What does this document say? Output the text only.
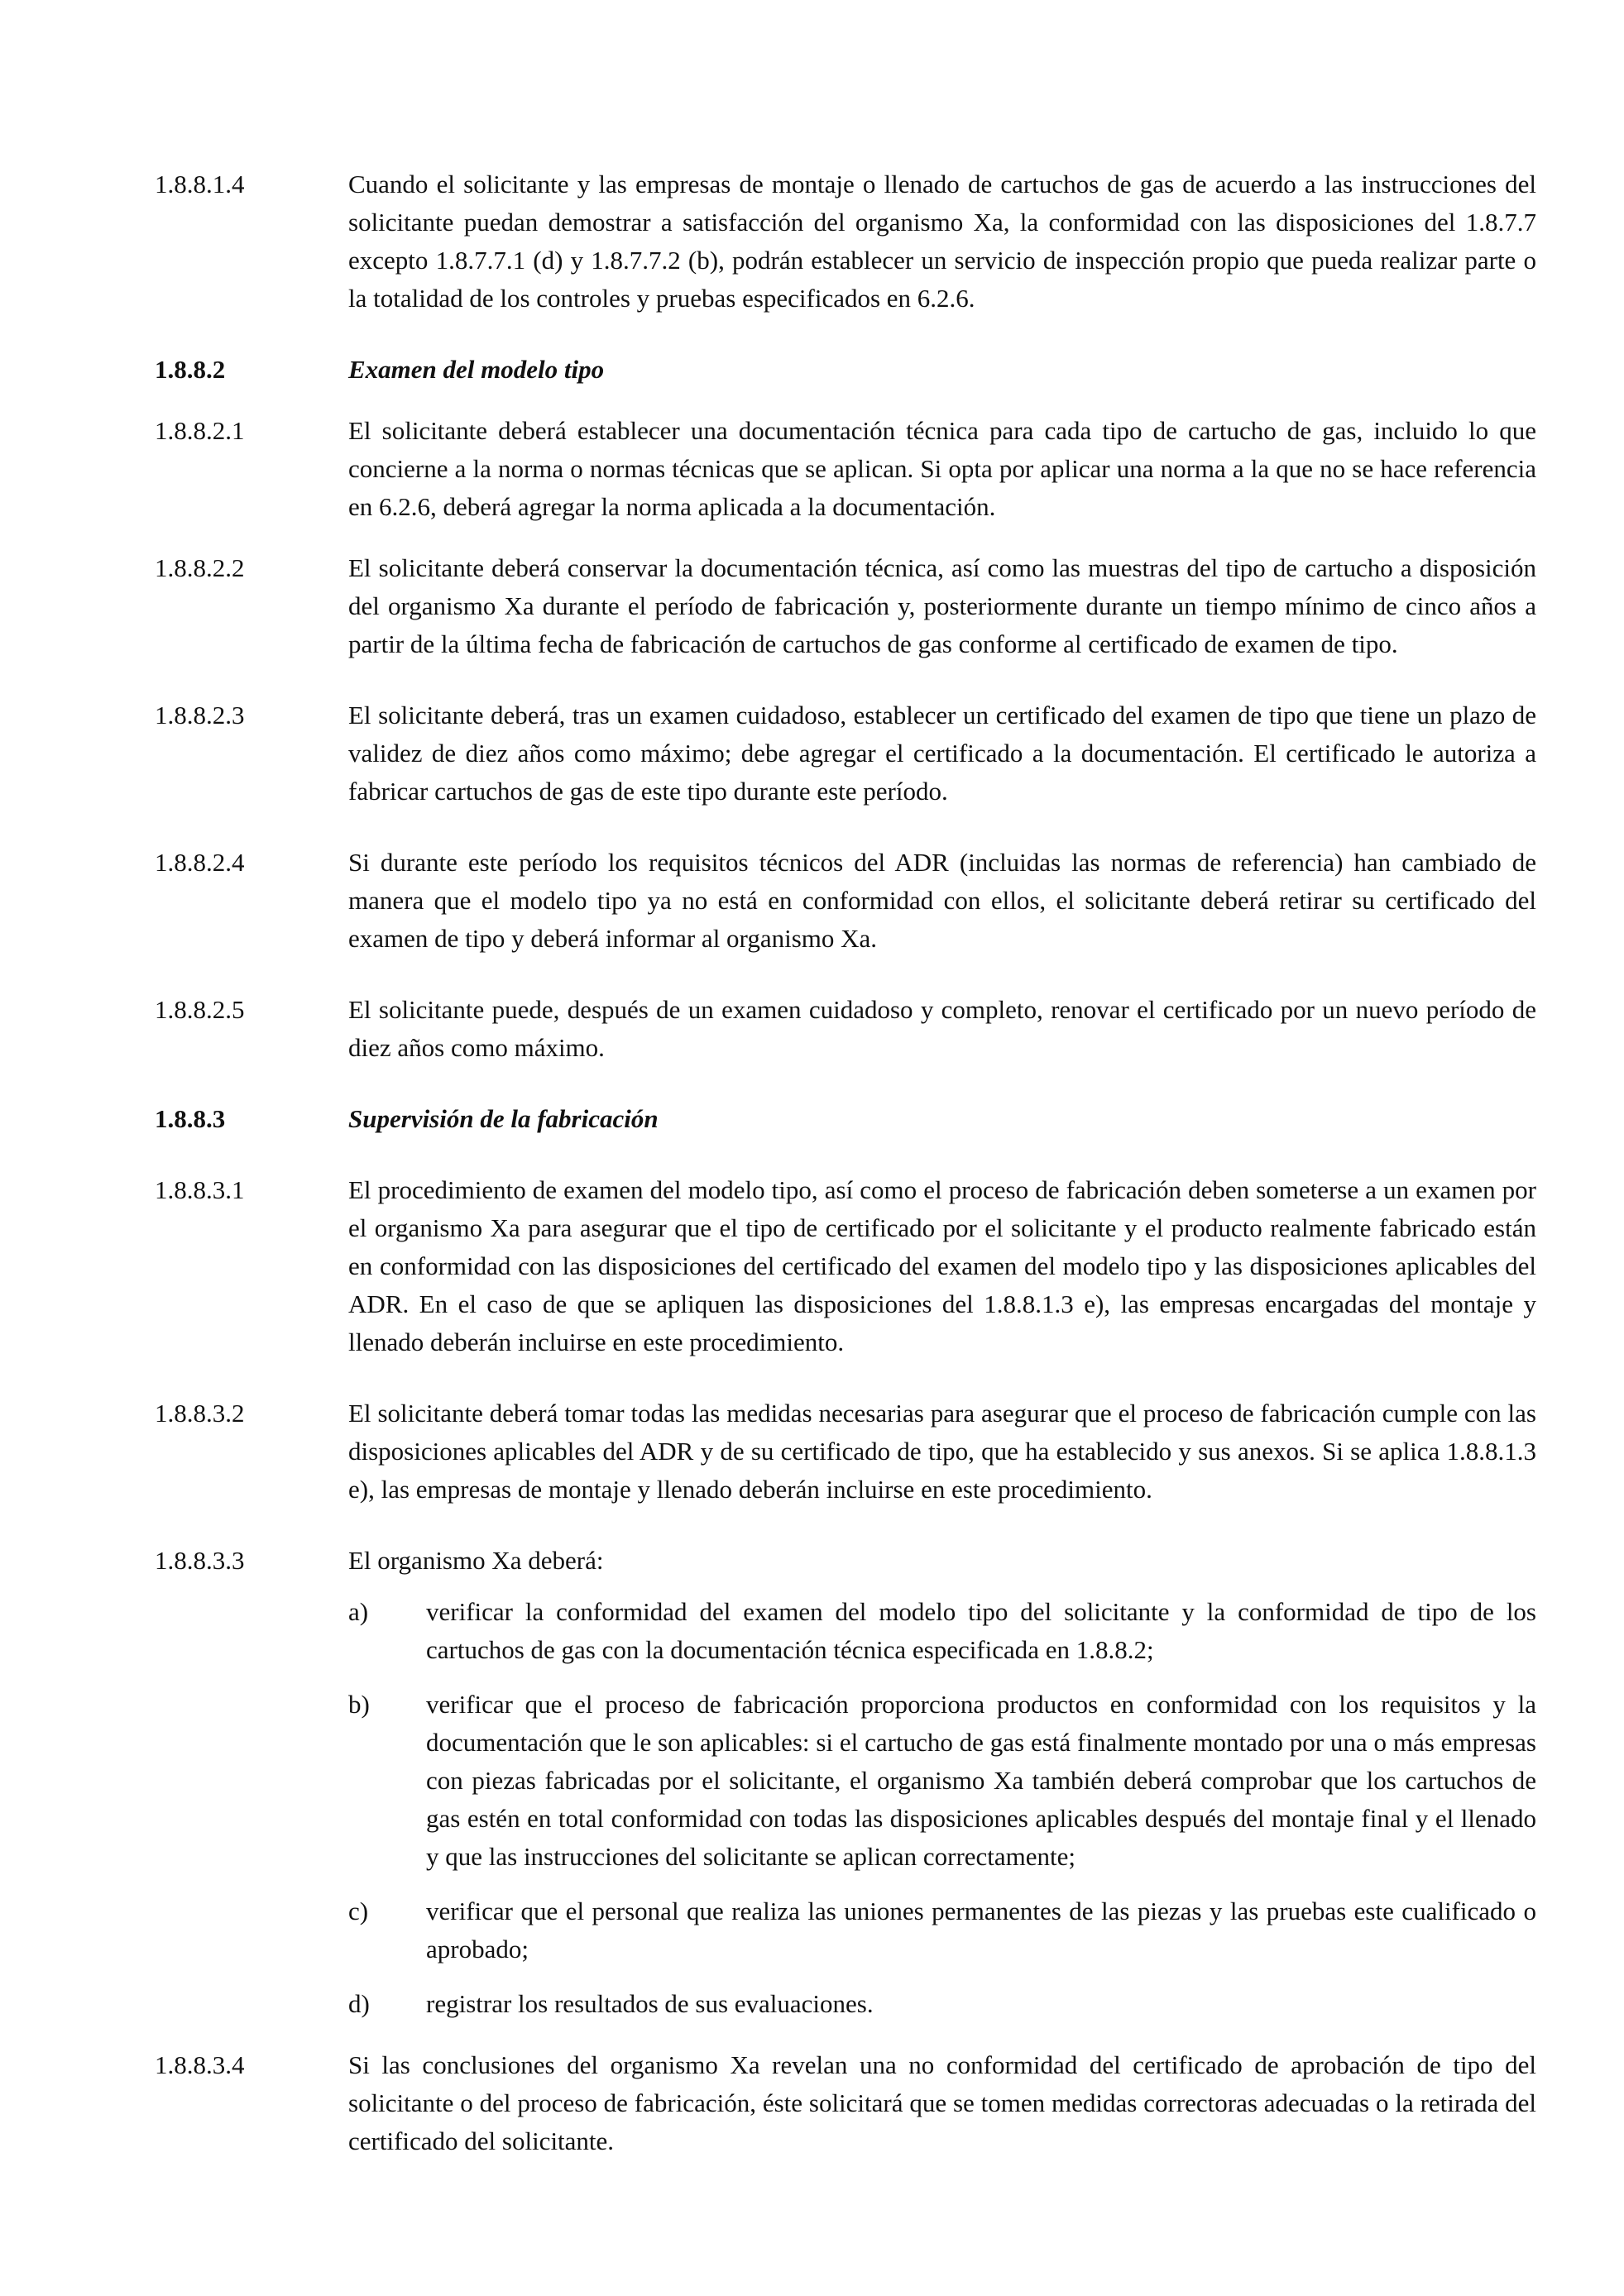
1.8.8.1.4	Cuando el solicitante y las empresas de montaje o llenado de cartuchos de gas de acuerdo a las instrucciones del solicitante puedan demostrar a satisfacción del organismo Xa, la conformidad con las disposiciones del 1.8.7.7 excepto 1.8.7.7.1 (d) y 1.8.7.7.2 (b), podrán establecer un servicio de inspección propio que pueda realizar parte o la totalidad de los controles y pruebas especificados en 6.2.6.
1.8.8.2	Examen del modelo tipo
1.8.8.2.1	El solicitante deberá establecer una documentación técnica para cada tipo de cartucho de gas, incluido lo que concierne a la norma o normas técnicas que se aplican. Si opta por aplicar una norma a la que no se hace referencia en 6.2.6, deberá agregar la norma aplicada a la documentación.
1.8.8.2.2	El solicitante deberá conservar la documentación técnica, así como las muestras del tipo de cartucho a disposición del organismo Xa durante el período de fabricación y, posteriormente durante un tiempo mínimo de cinco años a partir de la última fecha de fabricación de cartuchos de gas conforme al certificado de examen de tipo.
1.8.8.2.3	El solicitante deberá, tras un examen cuidadoso, establecer un certificado del examen de tipo que tiene un plazo de validez de diez años como máximo; debe agregar el certificado a la documentación. El certificado le autoriza a fabricar cartuchos de gas de este tipo durante este período.
1.8.8.2.4	Si durante este período los requisitos técnicos del ADR (incluidas las normas de referencia) han cambiado de manera que el modelo tipo ya no está en conformidad con ellos, el solicitante deberá retirar su certificado del examen de tipo y deberá informar al organismo Xa.
1.8.8.2.5	El solicitante puede, después de un examen cuidadoso y completo, renovar el certificado por un nuevo período de diez años como máximo.
1.8.8.3	Supervisión de la fabricación
1.8.8.3.1	El procedimiento de examen del modelo tipo, así como el proceso de fabricación deben someterse a un examen por el organismo Xa para asegurar que el tipo de certificado por el solicitante y el producto realmente fabricado están en conformidad con las disposiciones del certificado del examen del modelo tipo y las disposiciones aplicables del ADR. En el caso de que se apliquen las disposiciones del 1.8.8.1.3 e), las empresas encargadas del montaje y llenado deberán incluirse en este procedimiento.
1.8.8.3.2	El solicitante deberá tomar todas las medidas necesarias para asegurar que el proceso de fabricación cumple con las disposiciones aplicables del ADR y de su certificado de tipo, que ha establecido y sus anexos. Si se aplica 1.8.8.1.3 e), las empresas de montaje y llenado deberán incluirse en este procedimiento.
1.8.8.3.3	El organismo Xa deberá:
a)	verificar la conformidad del examen del modelo tipo del solicitante y la conformidad de tipo de los cartuchos de gas con la documentación técnica especificada en 1.8.8.2;
b)	verificar que el proceso de fabricación proporciona productos en conformidad con los requisitos y la documentación que le son aplicables: si el cartucho de gas está finalmente montado por una o más empresas con piezas fabricadas por el solicitante, el organismo Xa también deberá comprobar que los cartuchos de gas estén en total conformidad con todas las disposiciones aplicables después del montaje final y el llenado y que las instrucciones del solicitante se aplican correctamente;
c)	verificar que el personal que realiza las uniones permanentes de las piezas y las pruebas este cualificado o aprobado;
d)	registrar los resultados de sus evaluaciones.
1.8.8.3.4	Si las conclusiones del organismo Xa revelan una no conformidad del certificado de aprobación de tipo del solicitante o del proceso de fabricación, éste solicitará que se tomen medidas correctoras adecuadas o la retirada del certificado del solicitante.
